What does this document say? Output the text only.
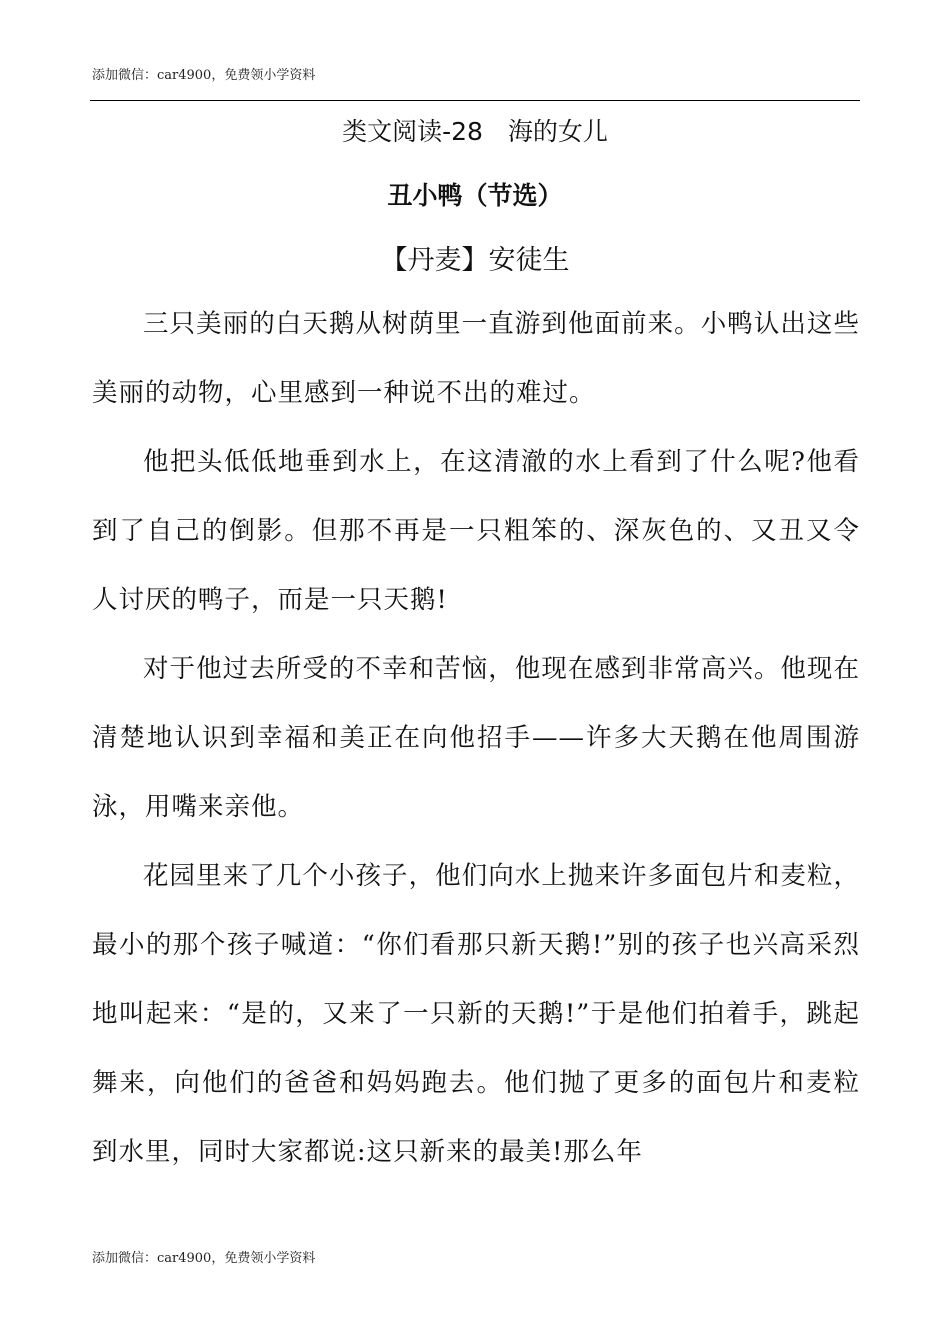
添加微信：car4900，免费领小学资料
类文阅读-28　海的女儿
丑小鸭（节选）
【丹麦】安徒生

三只美丽的白天鹅从树荫里一直游到他面前来。小鸭认出这些美丽的动物，心里感到一种说不出的难过。

他把头低低地垂到水上，在这清澈的水上看到了什么呢?他看到了自己的倒影。但那不再是一只粗笨的、深灰色的、又丑又令人讨厌的鸭子，而是一只天鹅!

对于他过去所受的不幸和苦恼，他现在感到非常高兴。他现在清楚地认识到幸福和美正在向他招手——许多大天鹅在他周围游泳，用嘴来亲他。

花园里来了几个小孩子，他们向水上抛来许多面包片和麦粒，最小的那个孩子喊道：“你们看那只新天鹅!”别的孩子也兴高采烈地叫起来：“是的，又来了一只新的天鹅!”于是他们拍着手，跳起舞来，向他们的爸爸和妈妈跑去。他们抛了更多的面包片和麦粒到水里，同时大家都说:这只新来的最美!那么年

添加微信：car4900，免费领小学资料
